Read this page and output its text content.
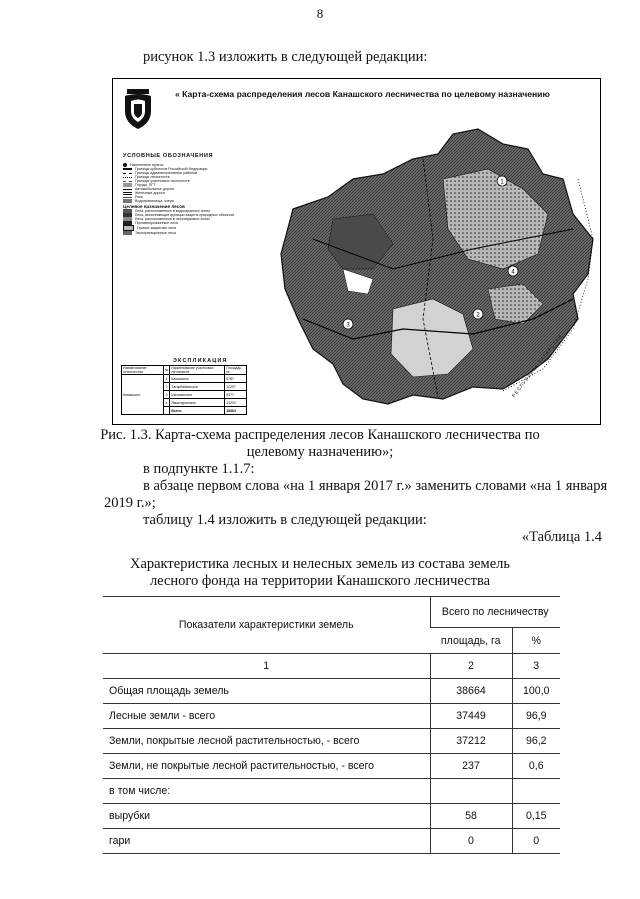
8
рисунок 1.3 изложить в следующей редакции:
« Карта-схема распределения лесов Канашского лесничества по целевому назначению
УСЛОВНЫЕ ОБОЗНАЧЕНИЯ
Населенные пункты
Границы субъектов Российской Федерации
Границы административных районов
Границы лесничеств
Границы участковых лесничеств
Города, ПГТ
Автомобильные дороги
Железные дороги
Реки
Водохранилища, озера
Целевое назначение лесов
Леса, расположенные в водоохранных зонах
Леса, выполняющие функции защиты природных объектов
Леса, расположенные в лесопарковых зонах
Противоэрозионные леса
Прочие защитные леса
Эксплуатационные леса
1
4
2
3
РЕСПУБЛИКА ТАТАРСТАН
ЭКСПЛИКАЦИЯ
Наименование лесничества	№	Наименование участковых лесничеств	Площадь, га
Канашское	1	Канашское	6787
	2	Татарбайкинское	12297
	3	Шихазанское	5377
	4	Яманчуринское	14203
		Всего:	38664
Рис. 1.3. Карта-схема распределения лесов Канашского лесничества по
целевому назначению»;
в подпункте 1.1.7:
в абзаце первом слова «на 1 января 2017 г.» заменить словами «на 1 января
2019 г.»;
таблицу 1.4 изложить в следующей редакции:
«Таблица 1.4
Характеристика лесных и нелесных земель из состава земель
лесного фонда на территории Канашского лесничества
Показатели характеристики земель	Всего по лесничеству	
	площадь, га	%
1	2	3
Общая площадь земель	38664	100,0
Лесные земли - всего	37449	96,9
Земли, покрытые лесной растительностью, - всего	37212	96,2
Земли, не покрытые лесной растительностью, - всего	237	0,6
в том числе:		
вырубки	58	0,15
гари	0	0
